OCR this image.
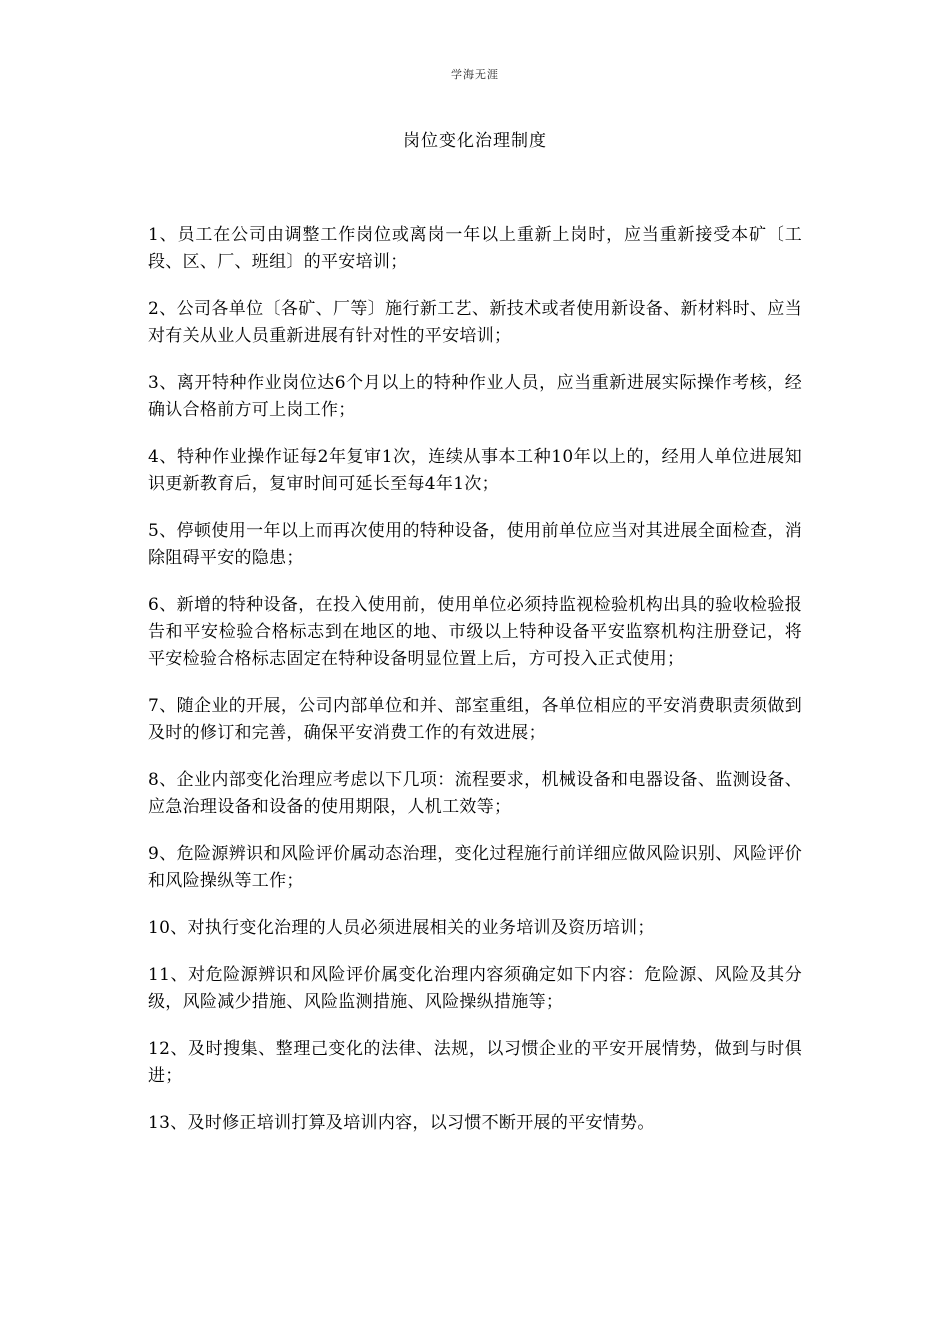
学海无涯
岗位变化治理制度
1、员工在公司由调整工作岗位或离岗一年以上重新上岗时，应当重新接受本矿〔工段、区、厂、班组〕的平安培训；
2、公司各单位〔各矿、厂等〕施行新工艺、新技术或者使用新设备、新材料时、应当对有关从业人员重新进展有针对性的平安培训；
3、离开特种作业岗位达6个月以上的特种作业人员，应当重新进展实际操作考核，经确认合格前方可上岗工作；
4、特种作业操作证每2年复审1次，连续从事本工种10年以上的，经用人单位进展知识更新教育后，复审时间可延长至每4年1次；
5、停顿使用一年以上而再次使用的特种设备，使用前单位应当对其进展全面检查，消除阻碍平安的隐患；
6、新增的特种设备，在投入使用前，使用单位必须持监视检验机构出具的验收检验报告和平安检验合格标志到在地区的地、市级以上特种设备平安监察机构注册登记，将平安检验合格标志固定在特种设备明显位置上后，方可投入正式使用；
7、随企业的开展，公司内部单位和并、部室重组，各单位相应的平安消费职责须做到及时的修订和完善，确保平安消费工作的有效进展；
8、企业内部变化治理应考虑以下几项：流程要求，机械设备和电器设备、监测设备、应急治理设备和设备的使用期限，人机工效等；
9、危险源辨识和风险评价属动态治理，变化过程施行前详细应做风险识别、风险评价和风险操纵等工作；
10、对执行变化治理的人员必须进展相关的业务培训及资历培训；
11、对危险源辨识和风险评价属变化治理内容须确定如下内容：危险源、风险及其分级，风险减少措施、风险监测措施、风险操纵措施等；
12、及时搜集、整理己变化的法律、法规，以习惯企业的平安开展情势，做到与时俱进；
13、及时修正培训打算及培训内容，以习惯不断开展的平安情势。
